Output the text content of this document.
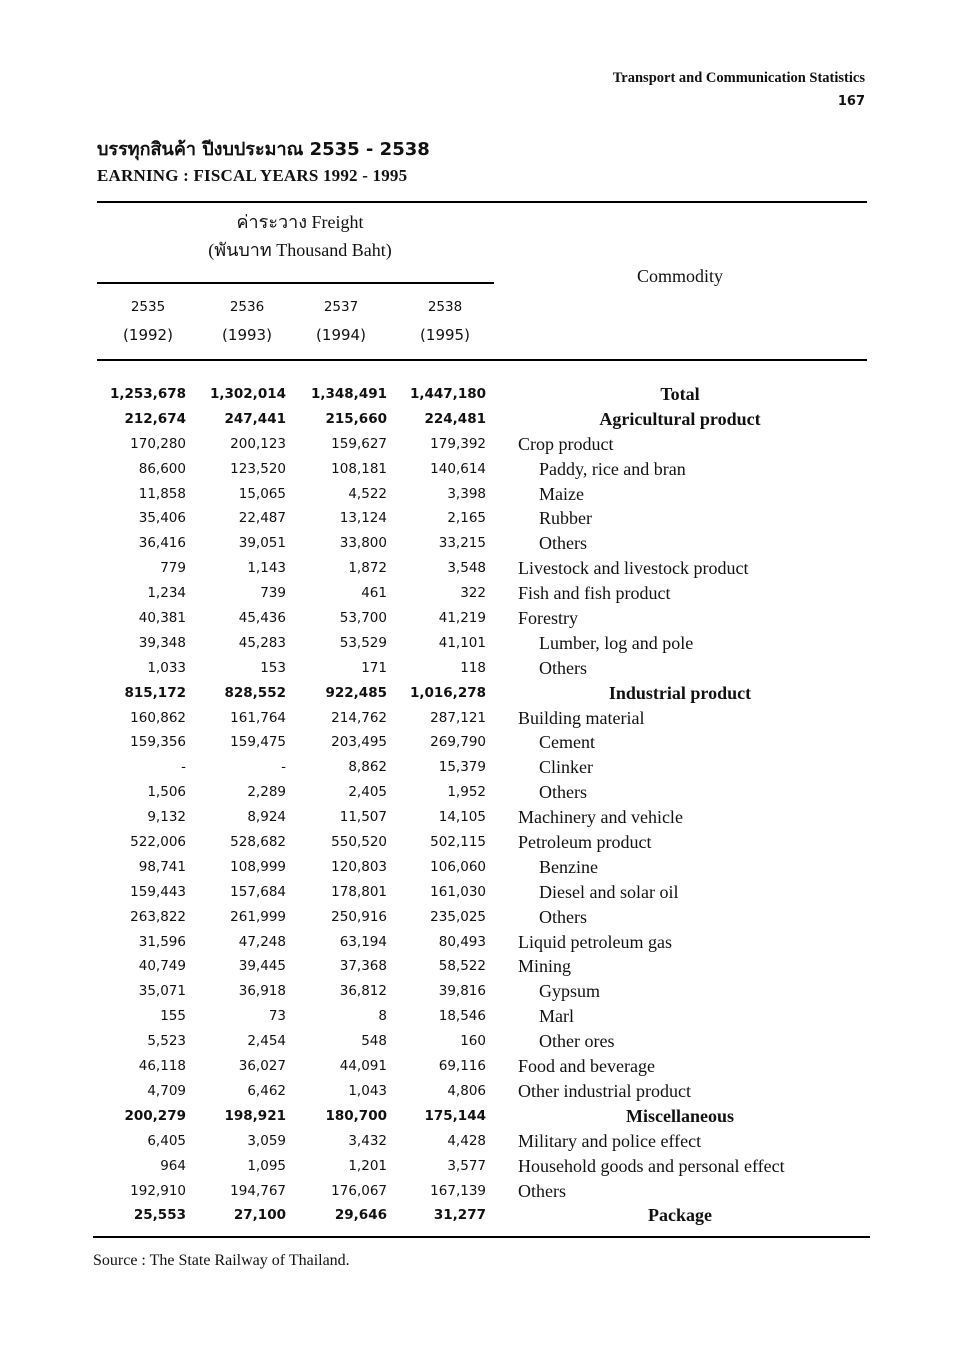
Transport and Communication Statistics
167
บรรทุกสินค้า ปีงบประมาณ 2535 - 2538
EARNING : FISCAL YEARS 1992 - 1995
ค่าระวาง Freight
(พันบาท Thousand Baht)
Commodity
2535
(1992)
2536
(1993)
2537
(1994)
2538
(1995)
1,253,678	1,302,014	1,348,491	1,447,180	Total
212,674	247,441	215,660	224,481	Agricultural product
170,280	200,123	159,627	179,392 Crop product
86,600	123,520	108,181	140,614	Paddy, rice and bran
11,858	15,065	4,522	3,398	Maize
35,406	22,487	13,124	2,165	Rubber
36,416	39,051	33,800	33,215	Others
779	1,143	1,872	3,548 Livestock and livestock product
1,234	739	461	322 Fish and fish product
40,381	45,436	53,700	41,219 Forestry
39,348	45,283	53,529	41,101	Lumber, log and pole
1,033	153	171	118	Others
815,172	828,552	922,485	1,016,278	Industrial product
160,862	161,764	214,762	287,121 Building material
159,356	159,475	203,495	269,790	Cement
-	-	8,862	15,379	Clinker
1,506	2,289	2,405	1,952	Others
9,132	8,924	11,507	14,105 Machinery and vehicle
522,006	528,682	550,520	502,115 Petroleum product
98,741	108,999	120,803	106,060	Benzine
159,443	157,684	178,801	161,030	Diesel and solar oil
263,822	261,999	250,916	235,025	Others
31,596	47,248	63,194	80,493 Liquid petroleum gas
40,749	39,445	37,368	58,522 Mining
35,071	36,918	36,812	39,816	Gypsum
155	73	8	18,546	Marl
5,523	2,454	548	160	Other ores
46,118	36,027	44,091	69,116 Food and beverage
4,709	6,462	1,043	4,806 Other industrial product
200,279	198,921	180,700	175,144	Miscellaneous
6,405	3,059	3,432	4,428 Military and police effect
964	1,095	1,201	3,577 Household goods and personal effect
192,910	194,767	176,067	167,139 Others
25,553	27,100	29,646	31,277	Package
Source : The State Railway of Thailand.
